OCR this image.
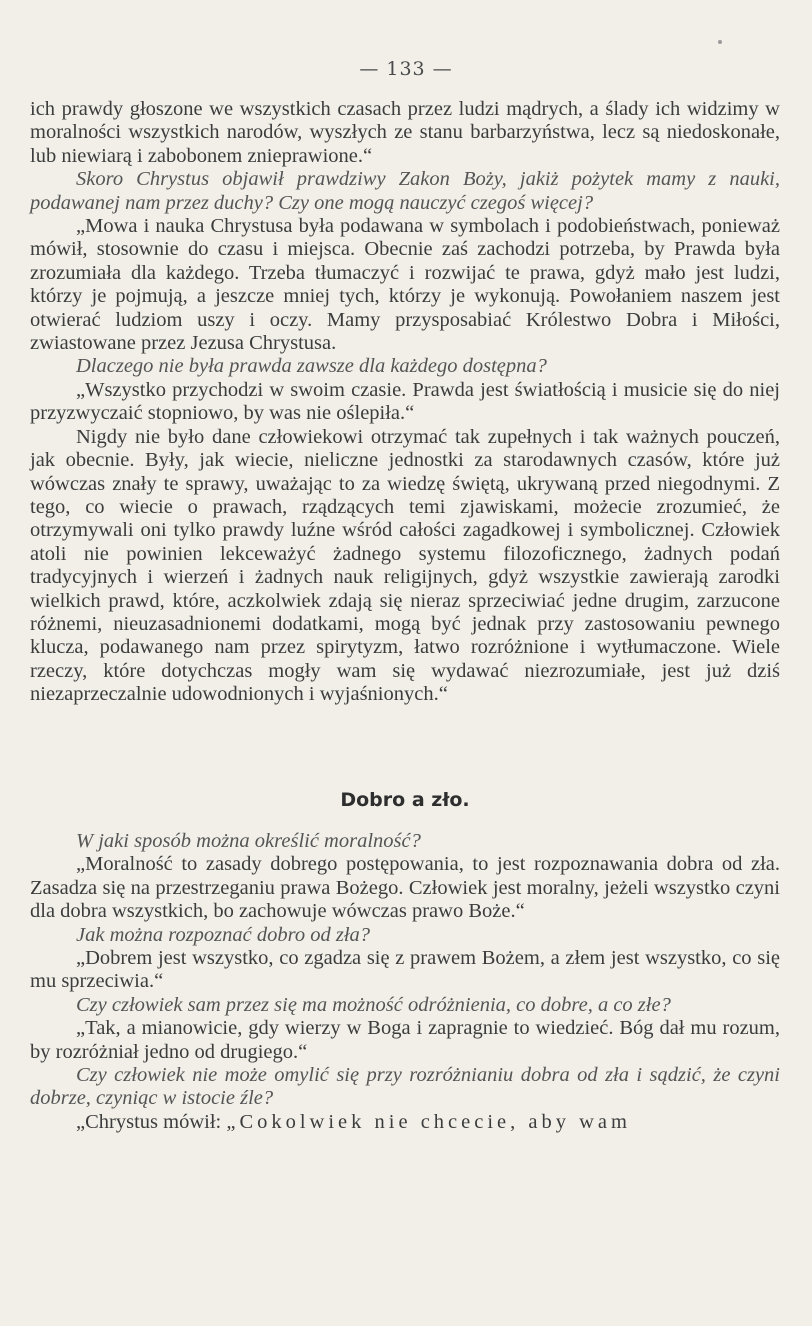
— 133 —

ich prawdy głoszone we wszystkich czasach przez ludzi mądrych, a ślady ich widzimy w moralności wszystkich narodów, wyszłych ze stanu barbarzyństwa, lecz są niedoskonałe, lub niewiarą i zabobonem znieprawione.“

Skoro Chrystus objawił prawdziwy Zakon Boży, jakiż pożytek mamy z nauki, podawanej nam przez duchy? Czy one mogą nauczyć czegoś więcej?

„Mowa i nauka Chrystusa była podawana w symbolach i podobieństwach, ponieważ mówił, stosownie do czasu i miejsca. Obecnie zaś zachodzi potrzeba, by Prawda była zrozumiała dla każdego. Trzeba tłumaczyć i rozwijać te prawa, gdyż mało jest ludzi, którzy je pojmują, a jeszcze mniej tych, którzy je wykonują. Powołaniem naszem jest otwierać ludziom uszy i oczy. Mamy przysposabiać Królestwo Dobra i Miłości, zwiastowane przez Jezusa Chrystusa.

Dlaczego nie była prawda zawsze dla każdego dostępna?

„Wszystko przychodzi w swoim czasie. Prawda jest światłością i musicie się do niej przyzwyczaić stopniowo, by was nie oślepiła.“

Nigdy nie było dane człowiekowi otrzymać tak zupełnych i tak ważnych pouczeń, jak obecnie. Były, jak wiecie, nieliczne jednostki za starodawnych czasów, które już wówczas znały te sprawy, uważając to za wiedzę świętą, ukrywaną przed niegodnymi. Z tego, co wiecie o prawach, rządzących temi zjawiskami, możecie zrozumieć, że otrzymywali oni tylko prawdy luźne wśród całości zagadkowej i symbolicznej. Człowiek atoli nie powinien lekceważyć żadnego systemu filozoficznego, żadnych podań tradycyjnych i wierzeń i żadnych nauk religijnych, gdyż wszystkie zawierają zarodki wielkich prawd, które, aczkolwiek zdają się nieraz sprzeciwiać jedne drugim, zarzucone różnemi, nieuzasadnionemi dodatkami, mogą być jednak przy zastosowaniu pewnego klucza, podawanego nam przez spirytyzm, łatwo rozróżnione i wytłumaczone. Wiele rzeczy, które dotychczas mogły wam się wydawać niezrozumiałe, jest już dziś niezaprzeczalnie udowodnionych i wyjaśnionych.“

Dobro a zło.

W jaki sposób można określić moralność?

„Moralność to zasady dobrego postępowania, to jest rozpoznawania dobra od zła. Zasadza się na przestrzeganiu prawa Bożego. Człowiek jest moralny, jeżeli wszystko czyni dla dobra wszystkich, bo zachowuje wówczas prawo Boże.“

Jak można rozpoznać dobro od zła?

„Dobrem jest wszystko, co zgadza się z prawem Bożem, a złem jest wszystko, co się mu sprzeciwia.“

Czy człowiek sam przez się ma możność odróżnienia, co dobre, a co złe?

„Tak, a mianowicie, gdy wierzy w Boga i zapragnie to wiedzieć. Bóg dał mu rozum, by rozróżniał jedno od drugiego.“

Czy człowiek nie może omylić się przy rozróżnianiu dobra od zła i sądzić, że czyni dobrze, czyniąc w istocie źle?

„Chrystus mówił: „Cokolwiek nie chcecie, aby wam
